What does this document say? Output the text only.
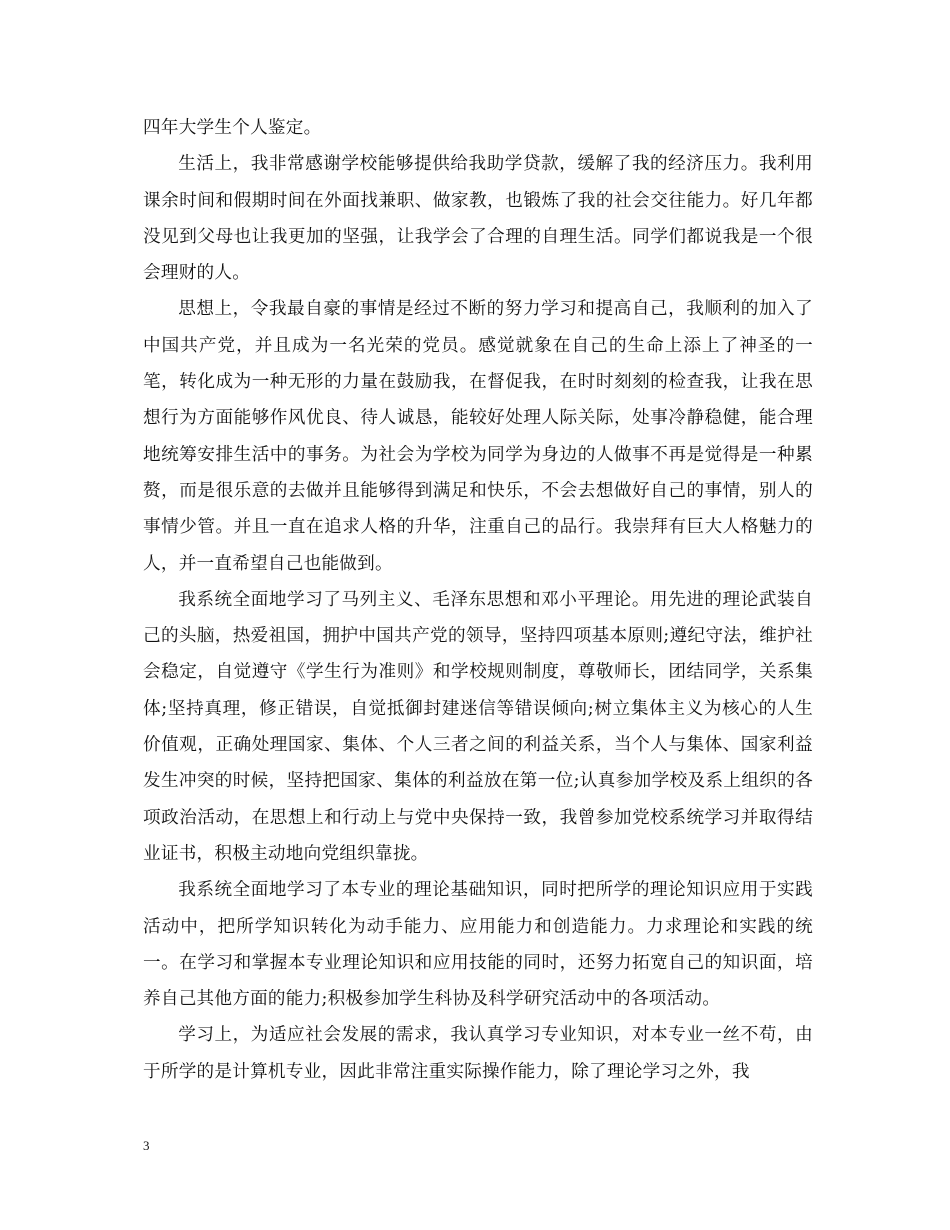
四年大学生个人鉴定。

生活上，我非常感谢学校能够提供给我助学贷款，缓解了我的经济压力。我利用课余时间和假期时间在外面找兼职、做家教，也锻炼了我的社会交往能力。好几年都没见到父母也让我更加的坚强，让我学会了合理的自理生活。同学们都说我是一个很会理财的人。

思想上，令我最自豪的事情是经过不断的努力学习和提高自己，我顺利的加入了中国共产党，并且成为一名光荣的党员。感觉就象在自己的生命上添上了神圣的一笔，转化成为一种无形的力量在鼓励我，在督促我，在时时刻刻的检查我，让我在思想行为方面能够作风优良、待人诚恳，能较好处理人际关际，处事冷静稳健，能合理地统筹安排生活中的事务。为社会为学校为同学为身边的人做事不再是觉得是一种累赘，而是很乐意的去做并且能够得到满足和快乐，不会去想做好自己的事情，别人的事情少管。并且一直在追求人格的升华，注重自己的品行。我崇拜有巨大人格魅力的人，并一直希望自己也能做到。

我系统全面地学习了马列主义、毛泽东思想和邓小平理论。用先进的理论武装自己的头脑，热爱祖国，拥护中国共产党的领导，坚持四项基本原则;遵纪守法，维护社会稳定，自觉遵守《学生行为准则》和学校规则制度，尊敬师长，团结同学，关系集体;坚持真理，修正错误，自觉抵御封建迷信等错误倾向;树立集体主义为核心的人生价值观，正确处理国家、集体、个人三者之间的利益关系，当个人与集体、国家利益发生冲突的时候，坚持把国家、集体的利益放在第一位;认真参加学校及系上组织的各项政治活动，在思想上和行动上与党中央保持一致，我曾参加党校系统学习并取得结业证书，积极主动地向党组织靠拢。

我系统全面地学习了本专业的理论基础知识，同时把所学的理论知识应用于实践活动中，把所学知识转化为动手能力、应用能力和创造能力。力求理论和实践的统一。在学习和掌握本专业理论知识和应用技能的同时，还努力拓宽自己的知识面，培养自己其他方面的能力;积极参加学生科协及科学研究活动中的各项活动。

学习上，为适应社会发展的需求，我认真学习专业知识，对本专业一丝不苟，由于所学的是计算机专业，因此非常注重实际操作能力，除了理论学习之外，我

3
